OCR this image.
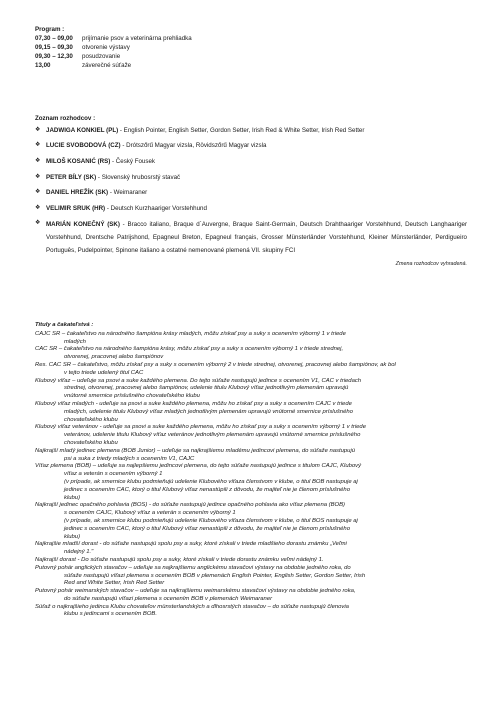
Program :
07,30 – 09,00	prijímanie psov a veterinárna prehliadka
09,15 – 09,30	otvorenie výstavy
09,30 – 12,30	posudzovanie
13,00	záverečné súťaže
Zoznam rozhodcov :
❖ JADWIGA KONKIEL (PL) - English Pointer, English Setter, Gordon Setter, Irish Red & White Setter, Irish Red Setter
❖ LUCIE SVOBODOVÁ (CZ) - Drótszőrű Magyar vizsla, Rövidszőrű Magyar vizsla
❖ MILOŠ KOSANIĆ (RS) - Český Fousek
❖ PETER BÍLY (SK) - Slovenský hrubosrstý stavač
❖ DANIEL HREŽÍK (SK) - Weimaraner
❖ VELIMIR SRUK (HR) - Deutsch Kurzhaariger Vorstehhund
❖ MARIÁN KONEČNÝ (SK) - Bracco italiano, Braque d´Auvergne, Braque Saint-Germain, Deutsch Drahthaariger Vorstehhund, Deutsch Langhaariger Vorstehhund, Drentsche Patrijshond, Epagneul Breton, Epagneul français, Grosser Münsterländer Vorstehhund, Kleiner Münsterländer, Perdigueiro Português, Pudelpointer, Spinone italiano a ostatné nemenované plemená VII. skupiny FCI
Zmena rozhodcov vyhradená.
Tituly a čakateľstvá :
CAJC SR – čakateľstvo na národného šampióna krásy mladých, môžu získať psy a suky s ocenením výborný 1 v triede
mladých
CAC SR – čakateľstvo na národného šampióna krásy, môžu získať psy a suky s ocenením výborný 1 v triede strednej,
otvorenej, pracovnej alebo šampiónov
Res. CAC SR – čakateľstvo, môžu získať psy a suky s ocenením výborný 2 v triede strednej, otvorenej, pracovnej alebo šampiónov, ak bol
v tejto triede udelený titul CAC
Klubový víťaz – udeľuje sa psovi a suke každého plemena. Do tejto súťaže nastupujú jedince s ocenením V1, CAC v triedach
strednej, otvorenej, pracovnej alebo šampiónov, udelenie titulu Klubový víťaz jednotlivým plemenám upravujú
vnútorné smernice príslušného chovateľského klubu
Klubový víťaz mladých - udeľuje sa psovi a suke každého plemena, môžu ho získať psy a suky s ocenením CAJC v triede
mladých, udelenie titulu Klubový víťaz mladých jednotlivým plemenám upravujú vnútorné smernice príslušného
chovateľského klubu
Klubový víťaz veteránov - udeľuje sa psovi a suke každého plemena, môžu ho získať psy a suky s ocenením výborný 1 v triede
veteránov, udelenie titulu Klubový víťaz veteránov jednotlivým plemenám upravujú vnútorné smernice príslušného
chovateľského klubu
Najkrajší mladý jedinec plemena (BOB Junior) – udeľuje sa najkrajšiemu mladému jedincovi plemena, do súťaže nastupujú
psi a suka z triedy mladých s ocenením V1, CAJC
Víťaz plemena (BOB) – udeľuje sa najlepšiemu jedincovi plemena, do tejto súťaže nastupujú jedince s titulom CAJC, Klubový
víťaz a veterán s ocenením výborný 1
(v prípade, ak smernice klubu podmieňujú udelenie Klubového víťaza členstvom v klube, o titul BOB nastupuje aj
jedinec s ocenením CAC, ktorý o titul Klubový víťaz nenastúpili z dôvodu, že majiteľ nie je členom príslušného
klubu)
Najkrajší jedinec opačného pohlavia (BOS) - do súťaže nastupujú jedince opačného pohlavia ako víťaz plemena (BOB)
s ocenením CAJC, Klubový víťaz a veterán s ocenením výborný 1
(v prípade, ak smernice klubu podmieňujú udelenie Klubového víťaza členstvom v klube, o titul BOS nastupuje aj
jedinec s ocenením CAC, ktorý o titul Klubový víťaz nenastúpili z dôvodu, že majiteľ nie je členom príslušného
klubu)
Najkrajšie mladší dorast - do súťaže nastupujú spolu psy a suky, ktoré získali v triede mladšieho dorastu známku „Veľmi
nádejný 1."
Najkrajší dorast - Do súťaže nastupujú spolu psy a suky, ktoré získali v triede dorastu známku veľmi nádejný 1.
Putovný pohár anglických stavačov – udeľuje sa najkrajšiemu anglickému stavačovi výstavy na obdobie jedného roka, do
súťaže nastupujú víťazi plemena s ocenením BOB v plemenách English Pointer, English Setter, Gordon Setter, Irish
Red and White Setter, Irish Red Setter
Putovný pohár weimarských stavačov – udeľuje sa najkrajšiemu weimarskému stavačovi výstavy na obdobie jedného roka,
do súťaže nastupujú víťazi plemena s ocenením BOB v plemenách Weimaraner
Súťaž o najkrajšieho jedinca Klubu chovateľov münsterlandských a dlhosrstých stavačov – do súťaže nastupujú členovia
klubu s jedincami s ocenením BOB.
